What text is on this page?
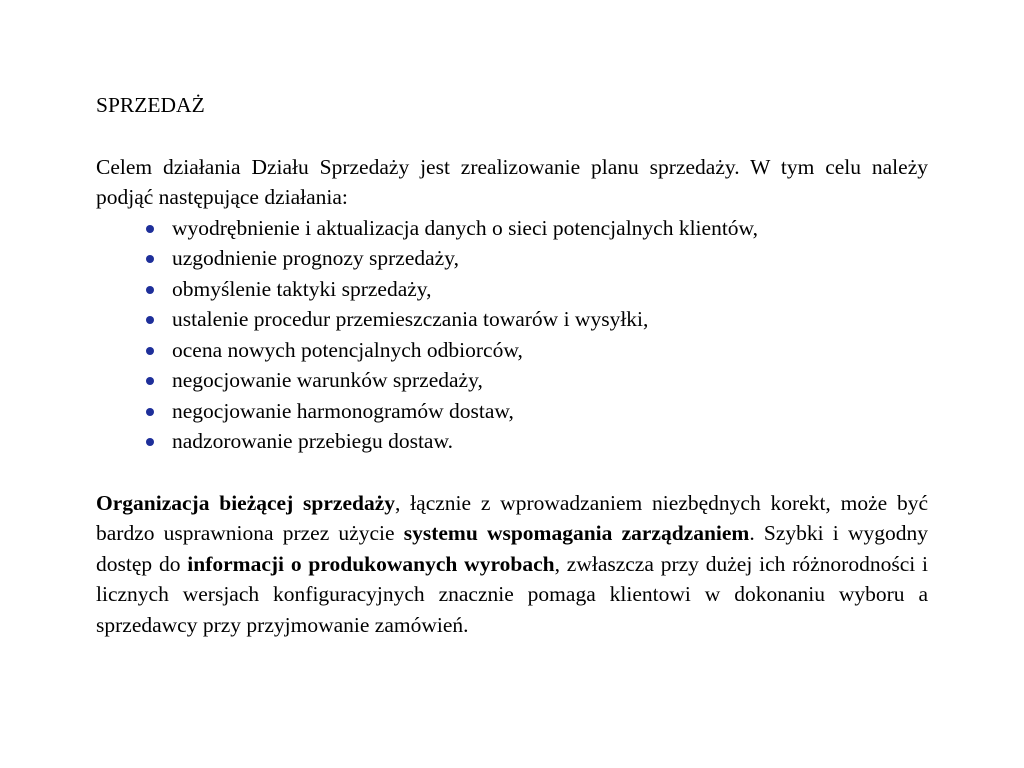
SPRZEDAŻ

Celem działania Działu Sprzedaży jest zrealizowanie planu sprzedaży. W tym celu należy podjąć następujące działania:

wyodrębnienie i aktualizacja danych o sieci potencjalnych klientów,
uzgodnienie prognozy sprzedaży,
obmyślenie taktyki sprzedaży,
ustalenie procedur przemieszczania towarów i wysyłki,
ocena nowych potencjalnych odbiorców,
negocjowanie warunków sprzedaży,
negocjowanie harmonogramów dostaw,
nadzorowanie przebiegu dostaw.

Organizacja bieżącej sprzedaży, łącznie z wprowadzaniem niezbędnych korekt, może być bardzo usprawniona przez użycie systemu wspomagania zarządzaniem. Szybki i wygodny dostęp do informacji o produkowanych wyrobach, zwłaszcza przy dużej ich różnorodności i licznych wersjach konfiguracyjnych znacznie pomaga klientowi w dokonaniu wyboru a sprzedawcy przy przyjmowanie zamówień.
